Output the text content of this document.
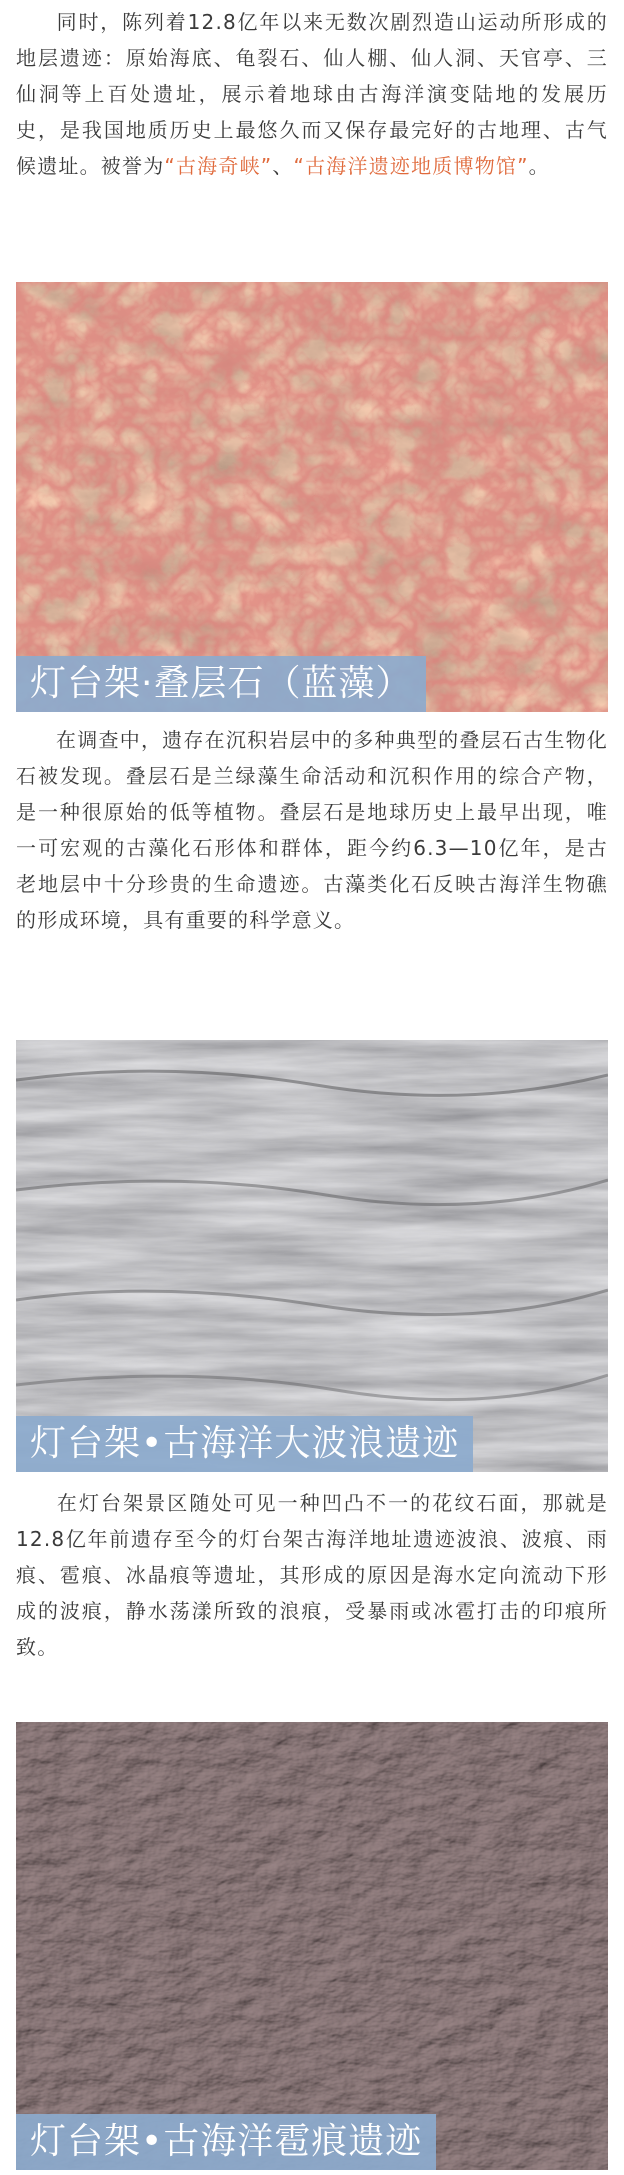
同时，陈列着12.8亿年以来无数次剧烈造山运动所形成的地层遗迹：原始海底、龟裂石、仙人棚、仙人洞、天官亭、三仙洞等上百处遗址，展示着地球由古海洋演变陆地的发展历史，是我国地质历史上最悠久而又保存最完好的古地理、古气候遗址。被誉为“古海奇峡”、“古海洋遗迹地质博物馆”。

灯台架·叠层石（蓝藻）

在调查中，遗存在沉积岩层中的多种典型的叠层石古生物化石被发现。叠层石是兰绿藻生命活动和沉积作用的综合产物，是一种很原始的低等植物。叠层石是地球历史上最早出现，唯一可宏观的古藻化石形体和群体，距今约6.3—10亿年，是古老地层中十分珍贵的生命遗迹。古藻类化石反映古海洋生物礁的形成环境，具有重要的科学意义。

灯台架•古海洋大波浪遗迹

在灯台架景区随处可见一种凹凸不一的花纹石面，那就是12.8亿年前遗存至今的灯台架古海洋地址遗迹波浪、波痕、雨痕、雹痕、冰晶痕等遗址，其形成的原因是海水定向流动下形成的波痕，静水荡漾所致的浪痕，受暴雨或冰雹打击的印痕所致。

灯台架•古海洋雹痕遗迹
